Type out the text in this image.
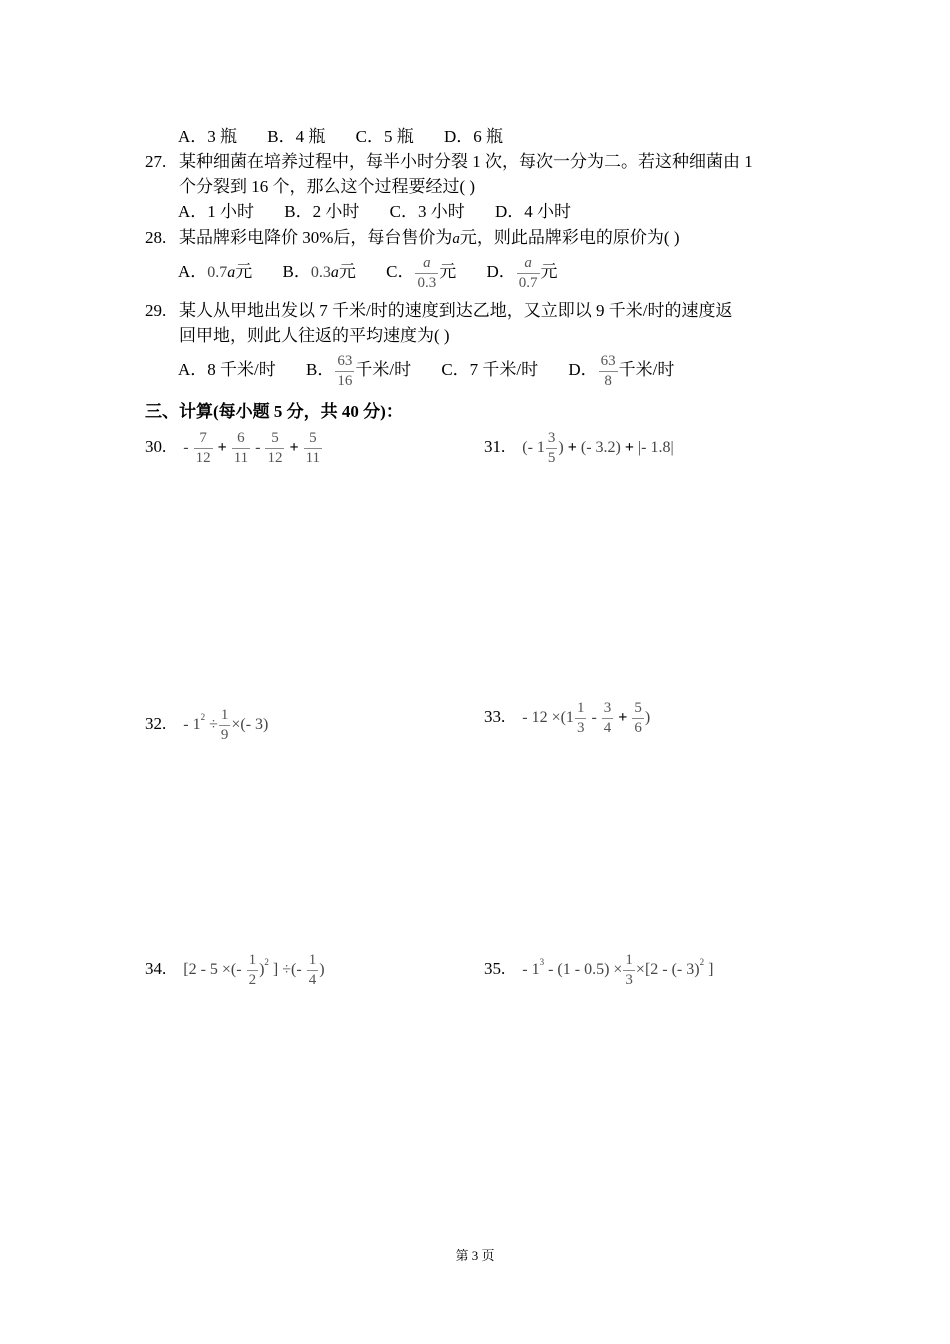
A．3 瓶 B．4 瓶 C．5 瓶 D．6 瓶
27. 某种细菌在培养过程中，每半小时分裂 1 次，每次一分为二。若这种细菌由 1
个分裂到 16 个，那么这个过程要经过( )
A．1 小时 B．2 小时 C．3 小时 D．4 小时
28. 某品牌彩电降价 30%后，每台售价为a元，则此品牌彩电的原价为( )
A．0.7a元 B．0.3a元 C． $\frac{a}{0.3}$ 元 D． $\frac{a}{0.7}$ 元
29. 某人从甲地出发以 7 千米/时的速度到达乙地，又立即以 9 千米/时的速度返
回甲地，则此人往返的平均速度为( )
A．8 千米/时 B． $\frac{63}{16}$ 千米/时 C．7 千米/时 D． $\frac{63}{8}$ 千米/时
三、计算(每小题 5 分，共 40 分)：
30. - $\frac{7}{12} + \frac{6}{11} - \frac{5}{12} + \frac{5}{11}$	31. (- $1 \frac{3}{5}$ ) + (- 3.2) + |- 1.8|
32. - $1^2 \div \frac{1}{9}$ ×(- 3)	33. - $12 \times(1 \frac{1}{3} - \frac{3}{4} + \frac{5}{6}$ )
34. [2 - 5 ×(- $\frac{1}{2} )^2$ ] ÷(- $\frac{1}{4}$ )	35. - $1^3 - (1 - 0.5) \times \frac{1}{3} \times[2$ - (- 3)$^2$ ]
第 3 页
